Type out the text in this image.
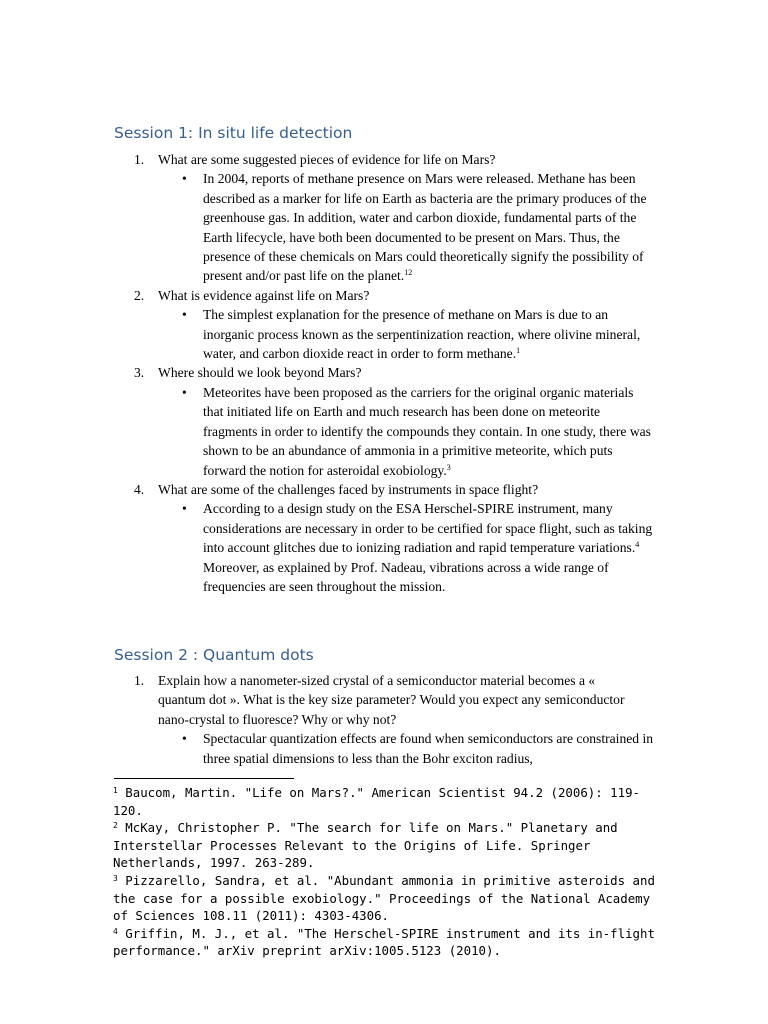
Session 1: In situ life detection
1. What are some suggested pieces of evidence for life on Mars?
• In 2004, reports of methane presence on Mars were released. Methane has been described as a marker for life on Earth as bacteria are the primary produces of the greenhouse gas. In addition, water and carbon dioxide, fundamental parts of the Earth lifecycle, have both been documented to be present on Mars. Thus, the presence of these chemicals on Mars could theoretically signify the possibility of present and/or past life on the planet.$^{12}$
2. What is evidence against life on Mars?
• The simplest explanation for the presence of methane on Mars is due to an inorganic process known as the serpentinization reaction, where olivine mineral, water, and carbon dioxide react in order to form methane.$^1$
3. Where should we look beyond Mars?
• Meteorites have been proposed as the carriers for the original organic materials that initiated life on Earth and much research has been done on meteorite fragments in order to identify the compounds they contain. In one study, there was shown to be an abundance of ammonia in a primitive meteorite, which puts forward the notion for asteroidal exobiology.$^3$
4. What are some of the challenges faced by instruments in space flight?
• According to a design study on the ESA Herschel-SPIRE instrument, many considerations are necessary in order to be certified for space flight, such as taking into account glitches due to ionizing radiation and rapid temperature variations.$^4$ Moreover, as explained by Prof. Nadeau, vibrations across a wide range of frequencies are seen throughout the mission.
Session 2 : Quantum dots
1. Explain how a nanometer-sized crystal of a semiconductor material becomes a « quantum dot ». What is the key size parameter? Would you expect any semiconductor nano-crystal to fluoresce? Why or why not?
• Spectacular quantization effects are found when semiconductors are constrained in three spatial dimensions to less than the Bohr exciton radius,

$^1$ Baucom, Martin. "Life on Mars?." American Scientist 94.2 (2006): 119-120.

$^2$ McKay, Christopher P. "The search for life on Mars." Planetary and Interstellar Processes Relevant to the Origins of Life. Springer Netherlands, 1997. 263-289.

$^3$ Pizzarello, Sandra, et al. "Abundant ammonia in primitive asteroids and the case for a possible exobiology." Proceedings of the National Academy of Sciences 108.11 (2011): 4303-4306.

$^4$ Griffin, M. J., et al. "The Herschel-SPIRE instrument and its in-flight performance." arXiv preprint arXiv:1005.5123 (2010).
